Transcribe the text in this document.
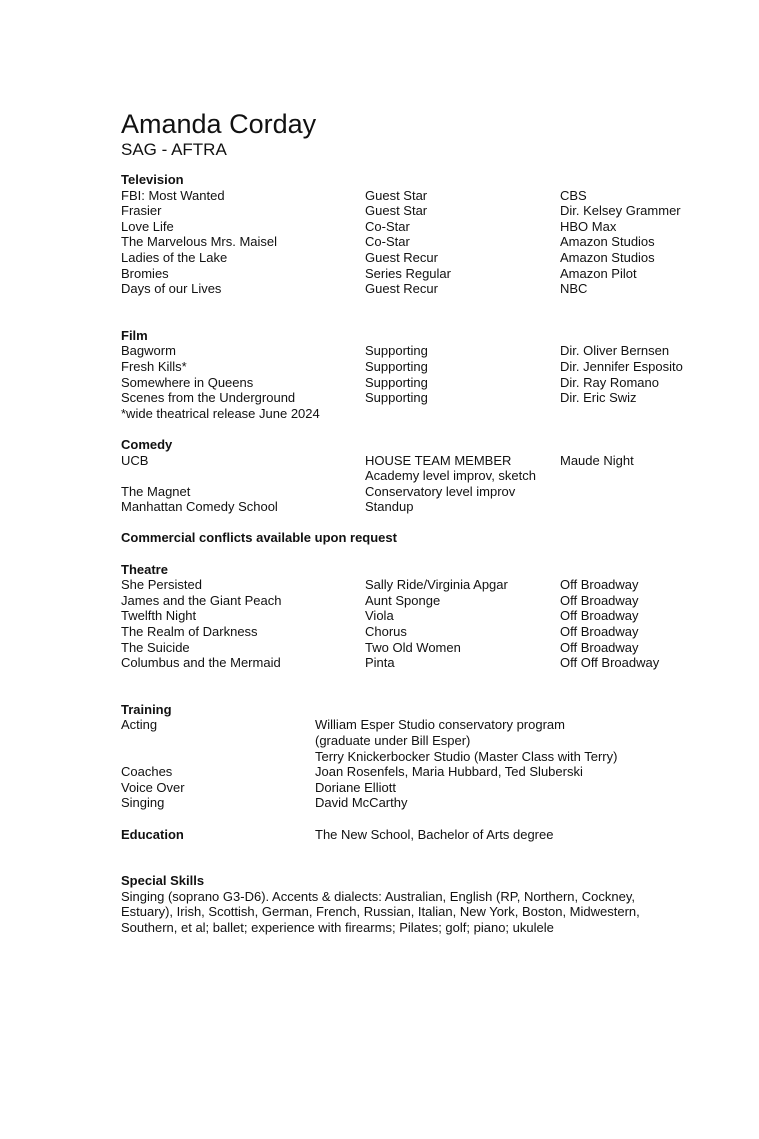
Amanda Corday
SAG - AFTRA
Television
FBI: Most Wanted	Guest Star	CBS
Frasier	Guest Star	Dir. Kelsey Grammer
Love Life	Co-Star	HBO Max
The Marvelous Mrs. Maisel	Co-Star	Amazon Studios
Ladies of the Lake	Guest Recur	Amazon Studios
Bromies	Series Regular	Amazon Pilot
Days of our Lives	Guest Recur	NBC
Film
Bagworm	Supporting	Dir. Oliver Bernsen
Fresh Kills*	Supporting	Dir. Jennifer Esposito
Somewhere in Queens	Supporting	Dir. Ray Romano
Scenes from the Underground	Supporting	Dir. Eric Swiz
*wide theatrical release June 2024
Comedy
UCB	HOUSE TEAM MEMBER	Maude Night
Academy level improv, sketch
The Magnet	Conservatory level improv
Manhattan Comedy School	Standup
Commercial conflicts available upon request
Theatre
She Persisted	Sally Ride/Virginia Apgar	Off Broadway
James and the Giant Peach	Aunt Sponge	Off Broadway
Twelfth Night	Viola	Off Broadway
The Realm of Darkness	Chorus	Off Broadway
The Suicide	Two Old Women	Off Broadway
Columbus and the Mermaid	Pinta	Off Off Broadway
Training
Acting	William Esper Studio conservatory program
(graduate under Bill Esper)
Terry Knickerbocker Studio (Master Class with Terry)
Coaches	Joan Rosenfels, Maria Hubbard, Ted Sluberski
Voice Over	Doriane Elliott
Singing	David McCarthy
Education	The New School, Bachelor of Arts degree
Special Skills
Singing (soprano G3-D6). Accents & dialects: Australian, English (RP, Northern, Cockney, Estuary), Irish, Scottish, German, French, Russian, Italian, New York, Boston, Midwestern, Southern, et al; ballet; experience with firearms; Pilates; golf; piano; ukulele
